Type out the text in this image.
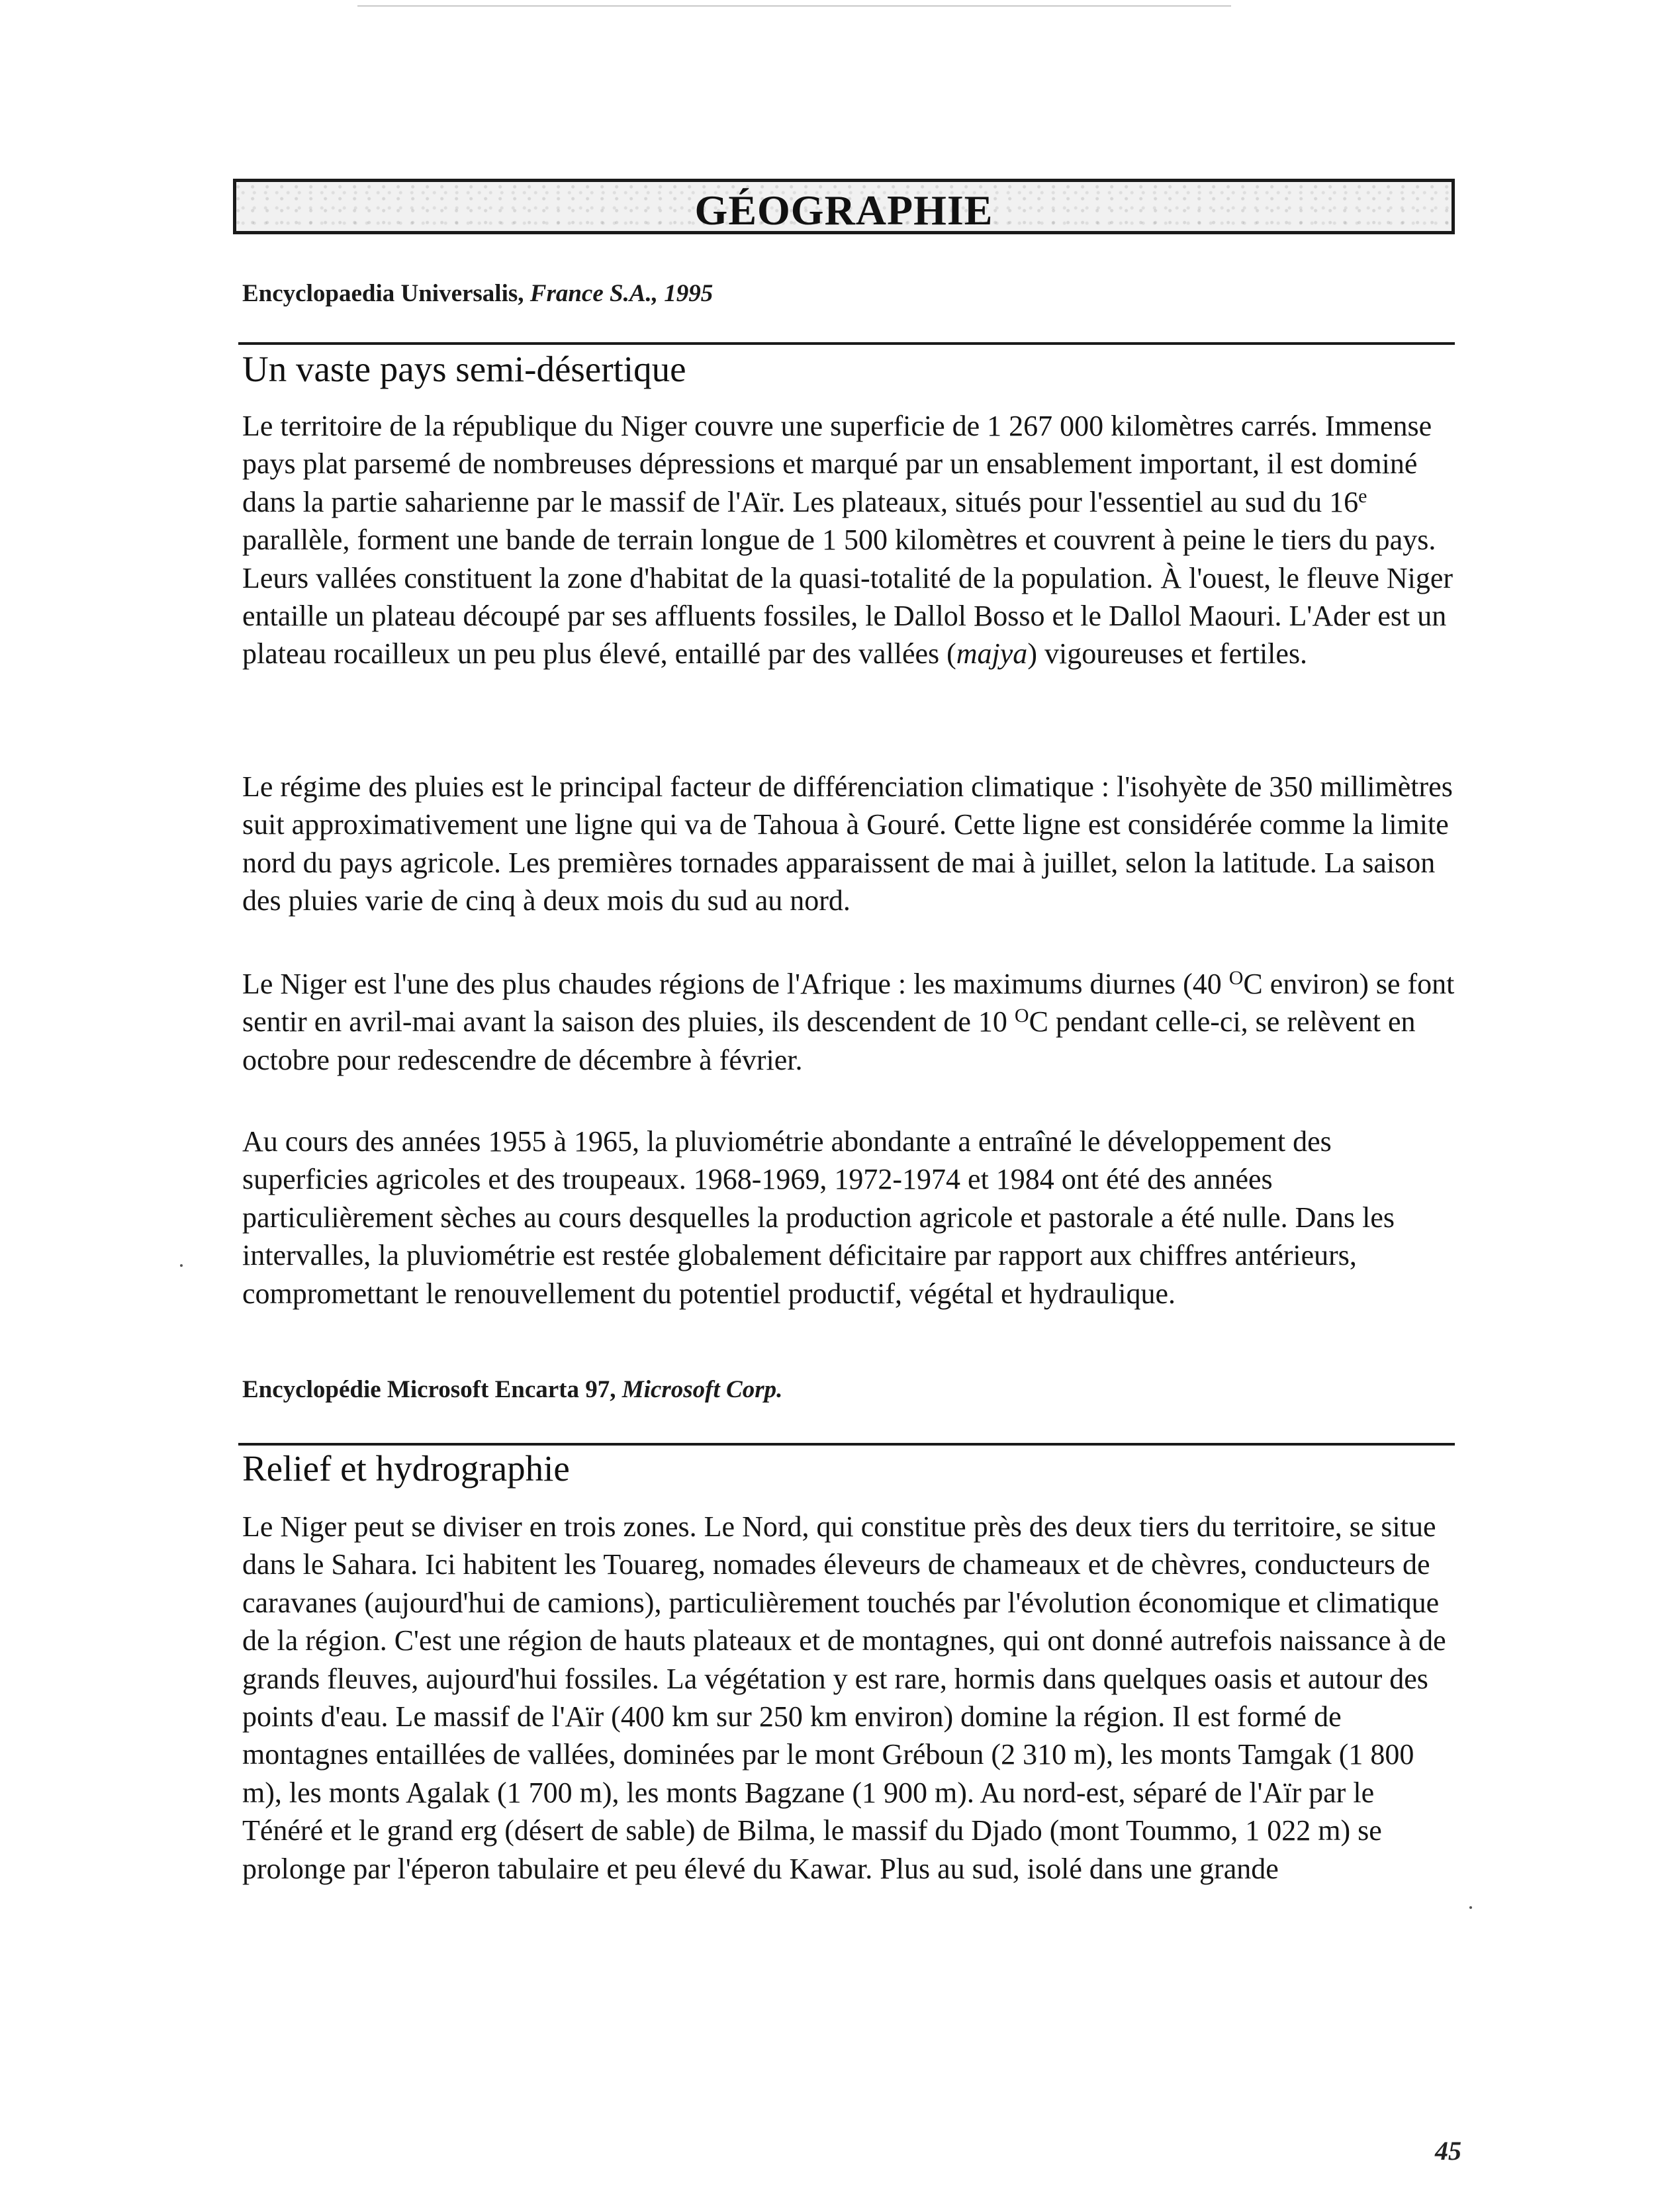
GÉOGRAPHIE
Encyclopaedia Universalis, France S.A., 1995
Un vaste pays semi-désertique

Le territoire de la république du Niger couvre une superficie de 1 267 000 kilomètres carrés. Immense pays plat parsemé de nombreuses dépressions et marqué par un ensablement important, il est dominé dans la partie saharienne par le massif de l'Aïr. Les plateaux, situés pour l'essentiel au sud du 16e parallèle, forment une bande de terrain longue de 1 500 kilomètres et couvrent à peine le tiers du pays. Leurs vallées constituent la zone d'habitat de la quasi-totalité de la population. À l'ouest, le fleuve Niger entaille un plateau découpé par ses affluents fossiles, le Dallol Bosso et le Dallol Maouri. L'Ader est un plateau rocailleux un peu plus élevé, entaillé par des vallées (majya) vigoureuses et fertiles.

Le régime des pluies est le principal facteur de différenciation climatique : l'isohyète de 350 millimètres suit approximativement une ligne qui va de Tahoua à Gouré. Cette ligne est considérée comme la limite nord du pays agricole. Les premières tornades apparaissent de mai à juillet, selon la latitude. La saison des pluies varie de cinq à deux mois du sud au nord.

Le Niger est l'une des plus chaudes régions de l'Afrique : les maximums diurnes (40 $^O$C environ) se font sentir en avril-mai avant la saison des pluies, ils descendent de 10 $^O$C pendant celle-ci, se relèvent en octobre pour redescendre de décembre à février.

Au cours des années 1955 à 1965, la pluviométrie abondante a entraîné le développement des superficies agricoles et des troupeaux. 1968-1969, 1972-1974 et 1984 ont été des années particulièrement sèches au cours desquelles la production agricole et pastorale a été nulle. Dans les intervalles, la pluviométrie est restée globalement déficitaire par rapport aux chiffres antérieurs, compromettant le renouvellement du potentiel productif, végétal et hydraulique.

Encyclopédie Microsoft Encarta 97, Microsoft Corp.
Relief et hydrographie

Le Niger peut se diviser en trois zones. Le Nord, qui constitue près des deux tiers du territoire, se situe dans le Sahara. Ici habitent les Touareg, nomades éleveurs de chameaux et de chèvres, conducteurs de caravanes (aujourd'hui de camions), particulièrement touchés par l'évolution économique et climatique de la région. C'est une région de hauts plateaux et de montagnes, qui ont donné autrefois naissance à de grands fleuves, aujourd'hui fossiles. La végétation y est rare, hormis dans quelques oasis et autour des points d'eau. Le massif de l'Aïr (400 km sur 250 km environ) domine la région. Il est formé de montagnes entaillées de vallées, dominées par le mont Gréboun (2 310 m), les monts Tamgak (1 800 m), les monts Agalak (1 700 m), les monts Bagzane (1 900 m). Au nord-est, séparé de l'Aïr par le Ténéré et le grand erg (désert de sable) de Bilma, le massif du Djado (mont Toummo, 1 022 m) se prolonge par l'éperon tabulaire et peu élevé du Kawar. Plus au sud, isolé dans une grande

45
